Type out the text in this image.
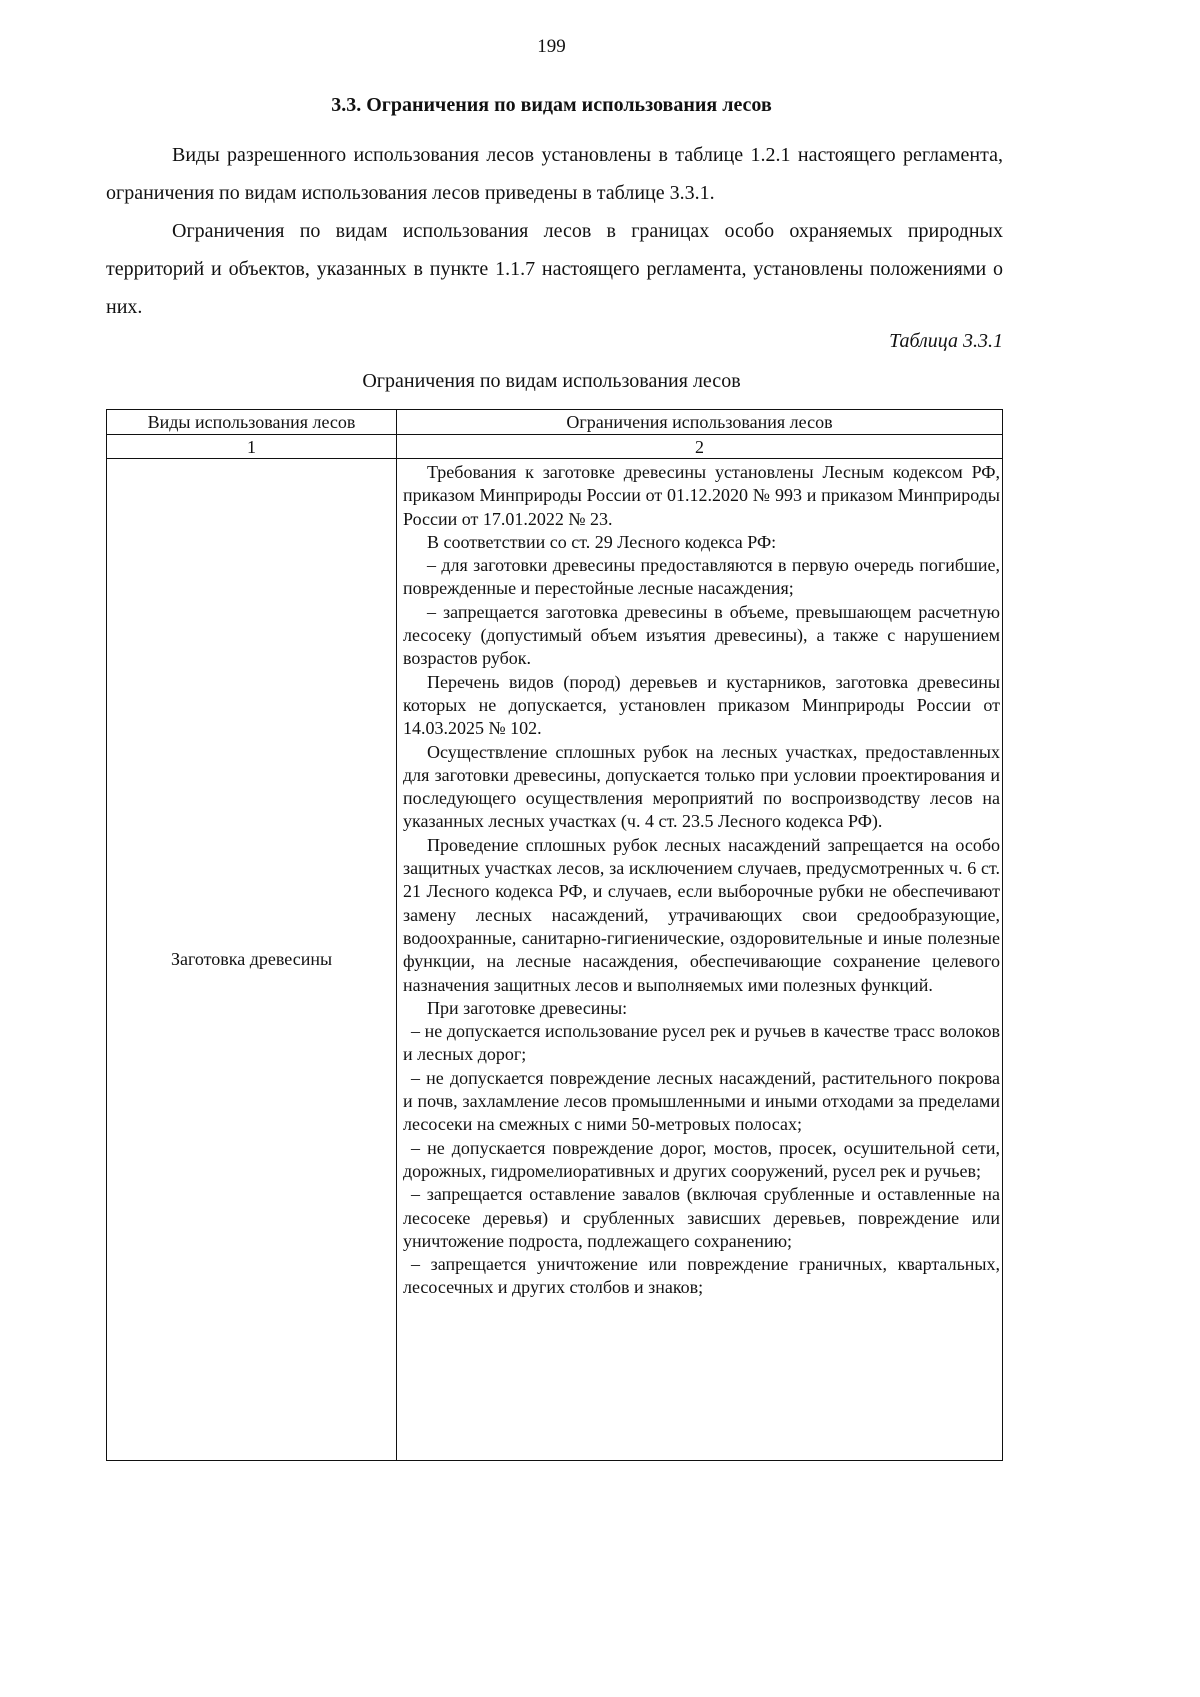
199
3.3. Ограничения по видам использования лесов

Виды разрешенного использования лесов установлены в таблице 1.2.1 настоящего регламента, ограничения по видам использования лесов приведены в таблице 3.3.1.

Ограничения по видам использования лесов в границах особо охраняемых природных территорий и объектов, указанных в пункте 1.1.7 настоящего регламента, установлены положениями о них.

Таблица 3.3.1
Ограничения по видам использования лесов
Виды использования лесов	Ограничения использования лесов
1	2
Заготовка древесины

Требования к заготовке древесины установлены Лесным кодексом РФ, приказом Минприроды России от 01.12.2020 № 993 и приказом Минприроды России от 17.01.2022 № 23.

В соответствии со ст. 29 Лесного кодекса РФ:

– для заготовки древесины предоставляются в первую очередь погибшие, поврежденные и перестойные лесные насаждения;

– запрещается заготовка древесины в объеме, превышающем расчетную лесосеку (допустимый объем изъятия древесины), а также с нарушением возрастов рубок.

Перечень видов (пород) деревьев и кустарников, заготовка древесины которых не допускается, установлен приказом Минприроды России от 14.03.2025 № 102.

Осуществление сплошных рубок на лесных участках, предоставленных для заготовки древесины, допускается только при условии проектирования и последующего осуществления мероприятий по воспроизводству лесов на указанных лесных участках (ч. 4 ст. 23.5 Лесного кодекса РФ).

Проведение сплошных рубок лесных насаждений запрещается на особо защитных участках лесов, за исключением случаев, предусмотренных ч. 6 ст. 21 Лесного кодекса РФ, и случаев, если выборочные рубки не обеспечивают замену лесных насаждений, утрачивающих свои средообразующие, водоохранные, санитарно-гигиенические, оздоровительные и иные полезные функции, на лесные насаждения, обеспечивающие сохранение целевого назначения защитных лесов и выполняемых ими полезных функций.

При заготовке древесины:

– не допускается использование русел рек и ручьев в качестве трасс волоков и лесных дорог;

– не допускается повреждение лесных насаждений, растительного покрова и почв, захламление лесов промышленными и иными отходами за пределами лесосеки на смежных с ними 50-метровых полосах;

– не допускается повреждение дорог, мостов, просек, осушительной сети, дорожных, гидромелиоративных и других сооружений, русел рек и ручьев;

– запрещается оставление завалов (включая срубленные и оставленные на лесосеке деревья) и срубленных зависших деревьев, повреждение или уничтожение подроста, подлежащего сохранению;

– запрещается уничтожение или повреждение граничных, квартальных, лесосечных и других столбов и знаков;
